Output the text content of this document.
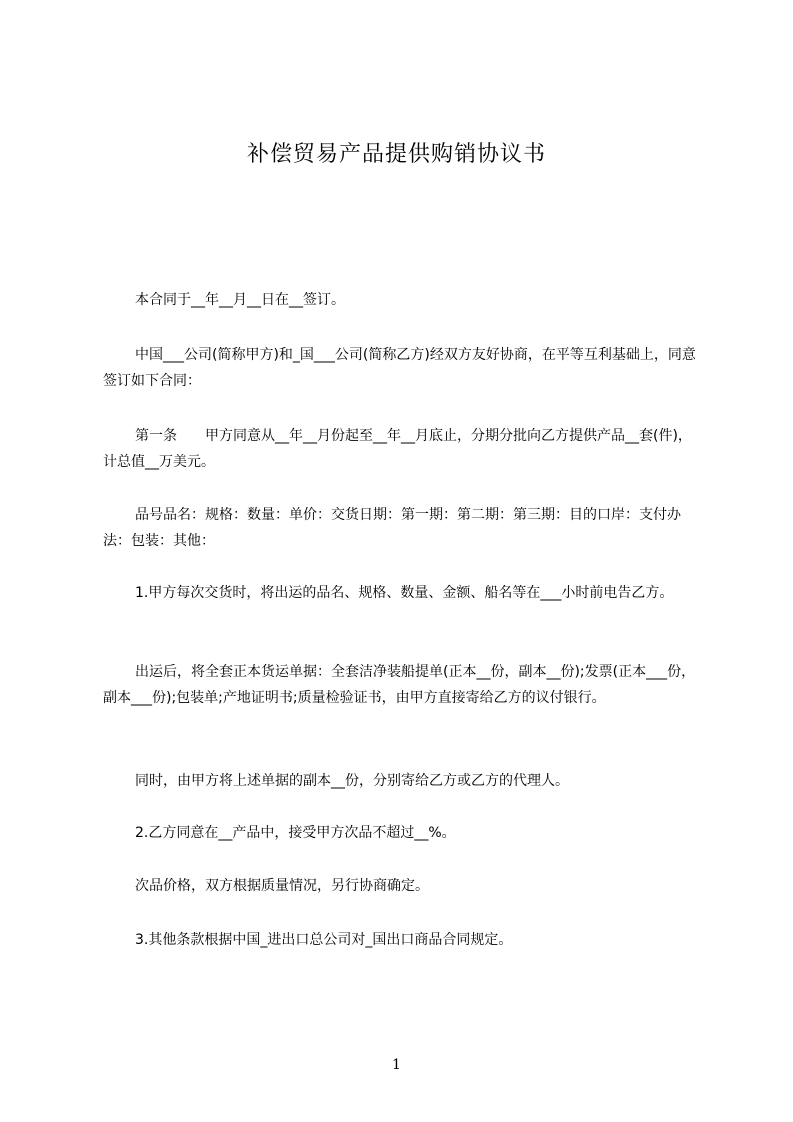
补偿贸易产品提供购销协议书

本合同于__年__月__日在__签订。

中国___公司(简称甲方)和_国___公司(简称乙方)经双方友好协商，在平等互利基础上，同意签订如下合同：

第一条　　甲方同意从__年__月份起至__年__月底止，分期分批向乙方提供产品__套(件)，计总值__万美元。

品号品名：规格：数量：单价：交货日期：第一期：第二期：第三期：目的口岸：支付办法：包装：其他：

1.甲方每次交货时，将出运的品名、规格、数量、金额、船名等在___小时前电告乙方。

出运后，将全套正本货运单据：全套洁净装船提单(正本__份，副本__份);发票(正本___份，副本___份);包装单;产地证明书;质量检验证书，由甲方直接寄给乙方的议付银行。

同时，由甲方将上述单据的副本__份，分别寄给乙方或乙方的代理人。

2.乙方同意在__产品中，接受甲方次品不超过__%。

次品价格，双方根据质量情况，另行协商确定。

3.其他条款根据中国_进出口总公司对_国出口商品合同规定。

1
